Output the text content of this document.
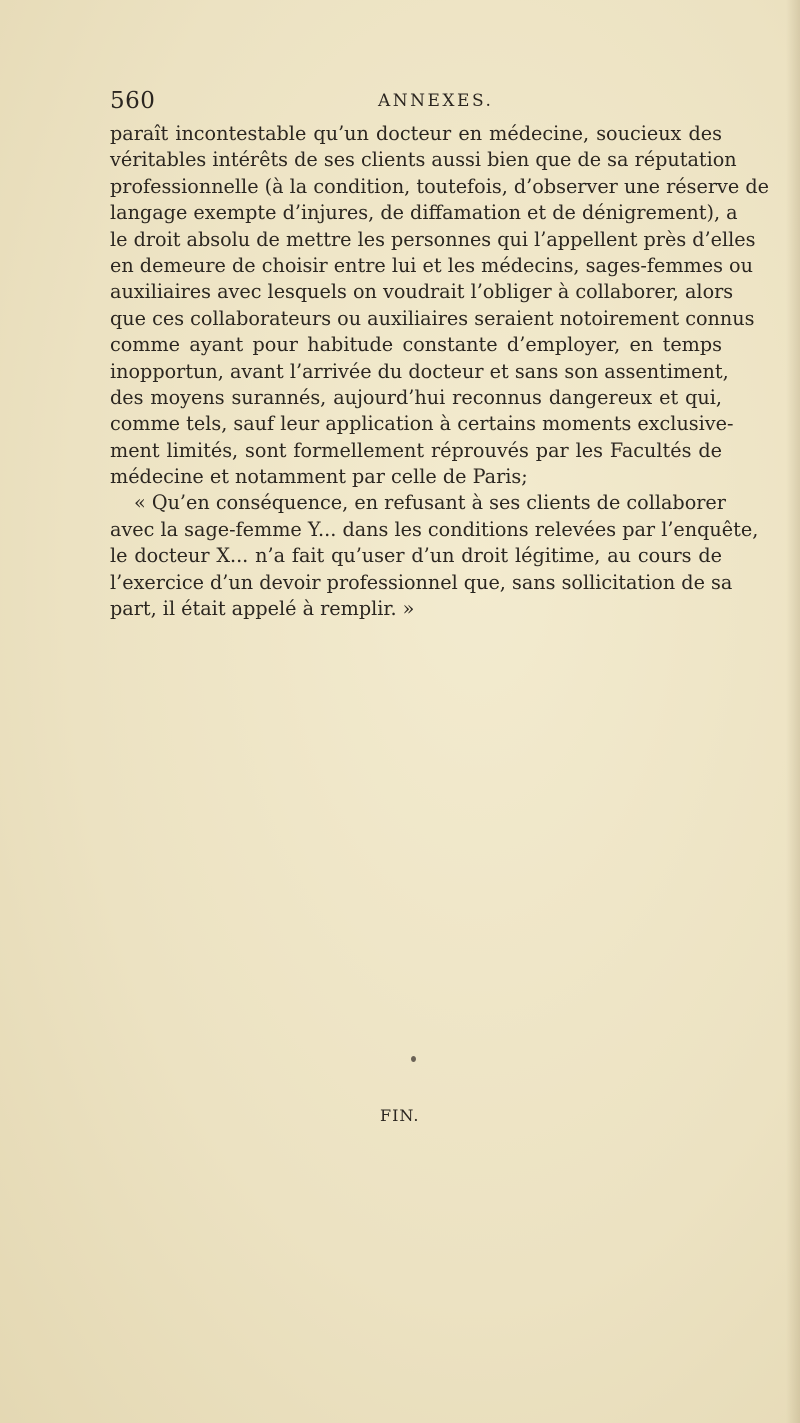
560	ANNEXES.
paraît incontestable qu’un docteur en médecine, soucieux des
véritables intérêts de ses clients aussi bien que de sa réputation
professionnelle (à la condition, toutefois, d’observer une réserve de
langage exempte d’injures, de diffamation et de dénigrement), a
le droit absolu de mettre les personnes qui l’appellent près d’elles
en demeure de choisir entre lui et les médecins, sages-femmes ou
auxiliaires avec lesquels on voudrait l’obliger à collaborer, alors
que ces collaborateurs ou auxiliaires seraient notoirement connus
comme ayant pour habitude constante d’employer, en temps
inopportun, avant l’arrivée du docteur et sans son assentiment,
des moyens surannés, aujourd’hui reconnus dangereux et qui,
comme tels, sauf leur application à certains moments exclusive-
ment limités, sont formellement réprouvés par les Facultés de
médecine et notamment par celle de Paris;
« Qu’en conséquence, en refusant à ses clients de collaborer
avec la sage-femme Y... dans les conditions relevées par l’enquête,
le docteur X... n’a fait qu’user d’un droit légitime, au cours de
l’exercice d’un devoir professionnel que, sans sollicitation de sa
part, il était appelé à remplir. »
FIN.
